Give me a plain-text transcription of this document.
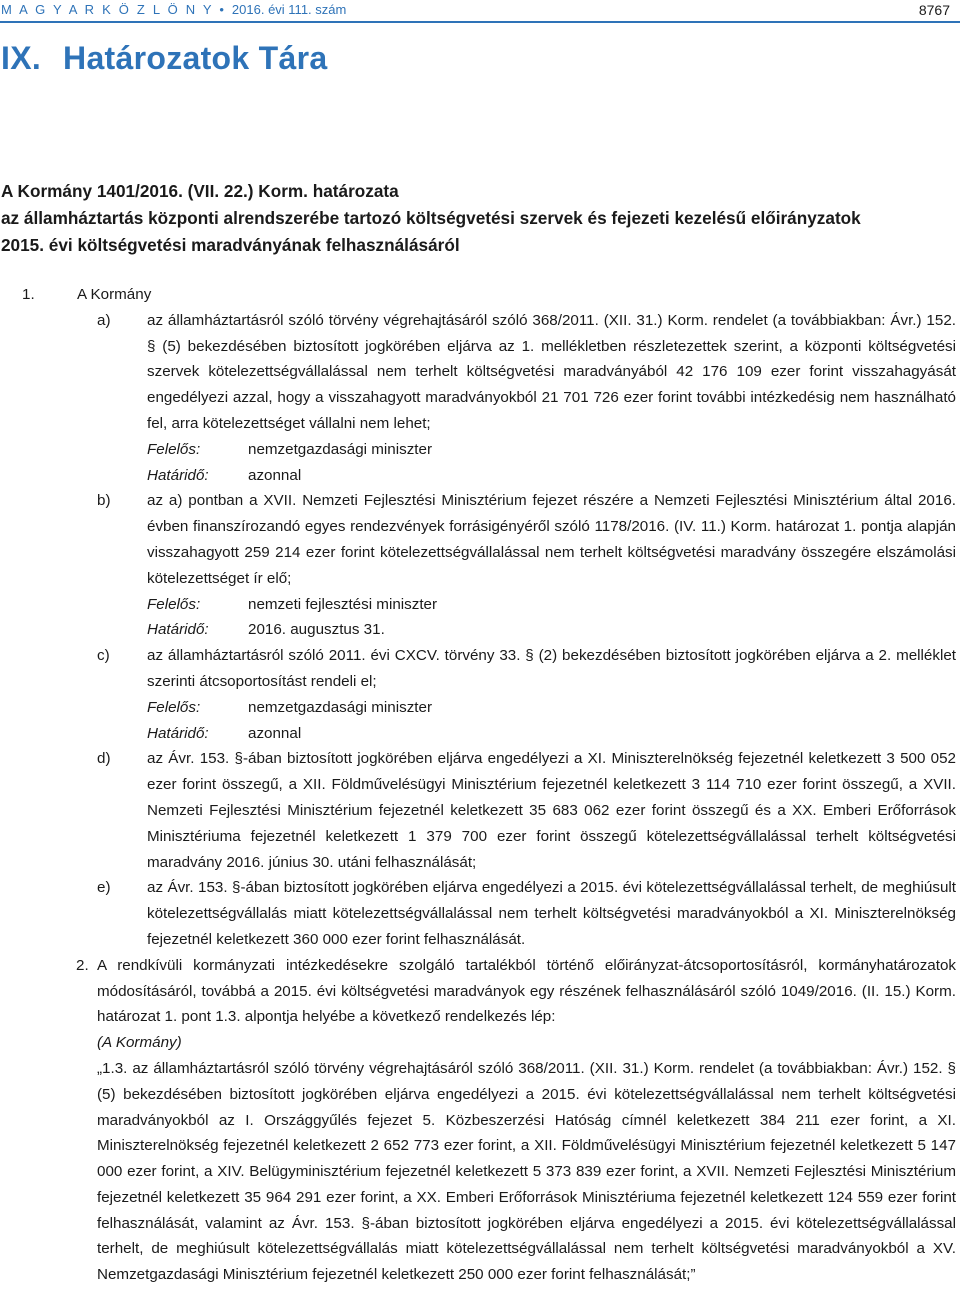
M A G Y A R K Ö Z L Ö N Y • 2016. évi 111. szám	8767
IX. Határozatok Tára
A Kormány 1401/2016. (VII. 22.) Korm. határozata
az államháztartás központi alrendszerébe tartozó költségvetési szervek és fejezeti kezelésű előirányzatok
2015. évi költségvetési maradványának felhasználásáról
1.	A Kormány
a) az államháztartásról szóló törvény végrehajtásáról szóló 368/2011. (XII. 31.) Korm. rendelet (a továbbiakban: Ávr.) 152. § (5) bekezdésében biztosított jogkörében eljárva az 1. mellékletben részletezettek szerint, a központi költségvetési szervek kötelezettségvállalással nem terhelt költségvetési maradványából 42 176 109 ezer forint visszahagyását engedélyezi azzal, hogy a visszahagyott maradványokból 21 701 726 ezer forint további intézkedésig nem használható fel, arra kötelezettséget vállalni nem lehet;
Felelős:	nemzetgazdasági miniszter
Határidő:	azonnal
b) az a) pontban a XVII. Nemzeti Fejlesztési Minisztérium fejezet részére a Nemzeti Fejlesztési Minisztérium által 2016. évben finanszírozandó egyes rendezvények forrásigényéről szóló 1178/2016. (IV. 11.) Korm. határozat 1. pontja alapján visszahagyott 259 214 ezer forint kötelezettségvállalással nem terhelt költségvetési maradvány összegére elszámolási kötelezettséget ír elő;
Felelős:	nemzeti fejlesztési miniszter
Határidő:	2016. augusztus 31.
c) az államháztartásról szóló 2011. évi CXCV. törvény 33. § (2) bekezdésében biztosított jogkörében eljárva a 2. melléklet szerinti átcsoportosítást rendeli el;
Felelős:	nemzetgazdasági miniszter
Határidő:	azonnal
d) az Ávr. 153. §-ában biztosított jogkörében eljárva engedélyezi a XI. Miniszterelnökség fejezetnél keletkezett 3 500 052 ezer forint összegű, a XII. Földművelésügyi Minisztérium fejezetnél keletkezett 3 114 710 ezer forint összegű, a XVII. Nemzeti Fejlesztési Minisztérium fejezetnél keletkezett 35 683 062 ezer forint összegű és a XX. Emberi Erőforrások Minisztériuma fejezetnél keletkezett 1 379 700 ezer forint összegű kötelezettségvállalással terhelt költségvetési maradvány 2016. június 30. utáni felhasználását;
e) az Ávr. 153. §-ában biztosított jogkörében eljárva engedélyezi a 2015. évi kötelezettségvállalással terhelt, de meghiúsult kötelezettségvállalás miatt kötelezettségvállalással nem terhelt költségvetési maradványokból a XI. Miniszterelnökség fejezetnél keletkezett 360 000 ezer forint felhasználását.
2. A rendkívüli kormányzati intézkedésekre szolgáló tartalékból történő előirányzat-átcsoportosításról, kormányhatározatok módosításáról, továbbá a 2015. évi költségvetési maradványok egy részének felhasználásáról szóló 1049/2016. (II. 15.) Korm. határozat 1. pont 1.3. alpontja helyébe a következő rendelkezés lép:
(A Kormány)
„1.3. az államháztartásról szóló törvény végrehajtásáról szóló 368/2011. (XII. 31.) Korm. rendelet (a továbbiakban: Ávr.) 152. § (5) bekezdésében biztosított jogkörében eljárva engedélyezi a 2015. évi kötelezettségvállalással nem terhelt költségvetési maradványokból az I. Országgyűlés fejezet 5. Közbeszerzési Hatóság címnél keletkezett 384 211 ezer forint, a XI. Miniszterelnökség fejezetnél keletkezett 2 652 773 ezer forint, a XII. Földművelésügyi Minisztérium fejezetnél keletkezett 5 147 000 ezer forint, a XIV. Belügyminisztérium fejezetnél keletkezett 5 373 839 ezer forint, a XVII. Nemzeti Fejlesztési Minisztérium fejezetnél keletkezett 35 964 291 ezer forint, a XX. Emberi Erőforrások Minisztériuma fejezetnél keletkezett 124 559 ezer forint felhasználását, valamint az Ávr. 153. §-ában biztosított jogkörében eljárva engedélyezi a 2015. évi kötelezettségvállalással terhelt, de meghiúsult kötelezettségvállalás miatt kötelezettségvállalással nem terhelt költségvetési maradványokból a XV. Nemzetgazdasági Minisztérium fejezetnél keletkezett 250 000 ezer forint felhasználását;”
